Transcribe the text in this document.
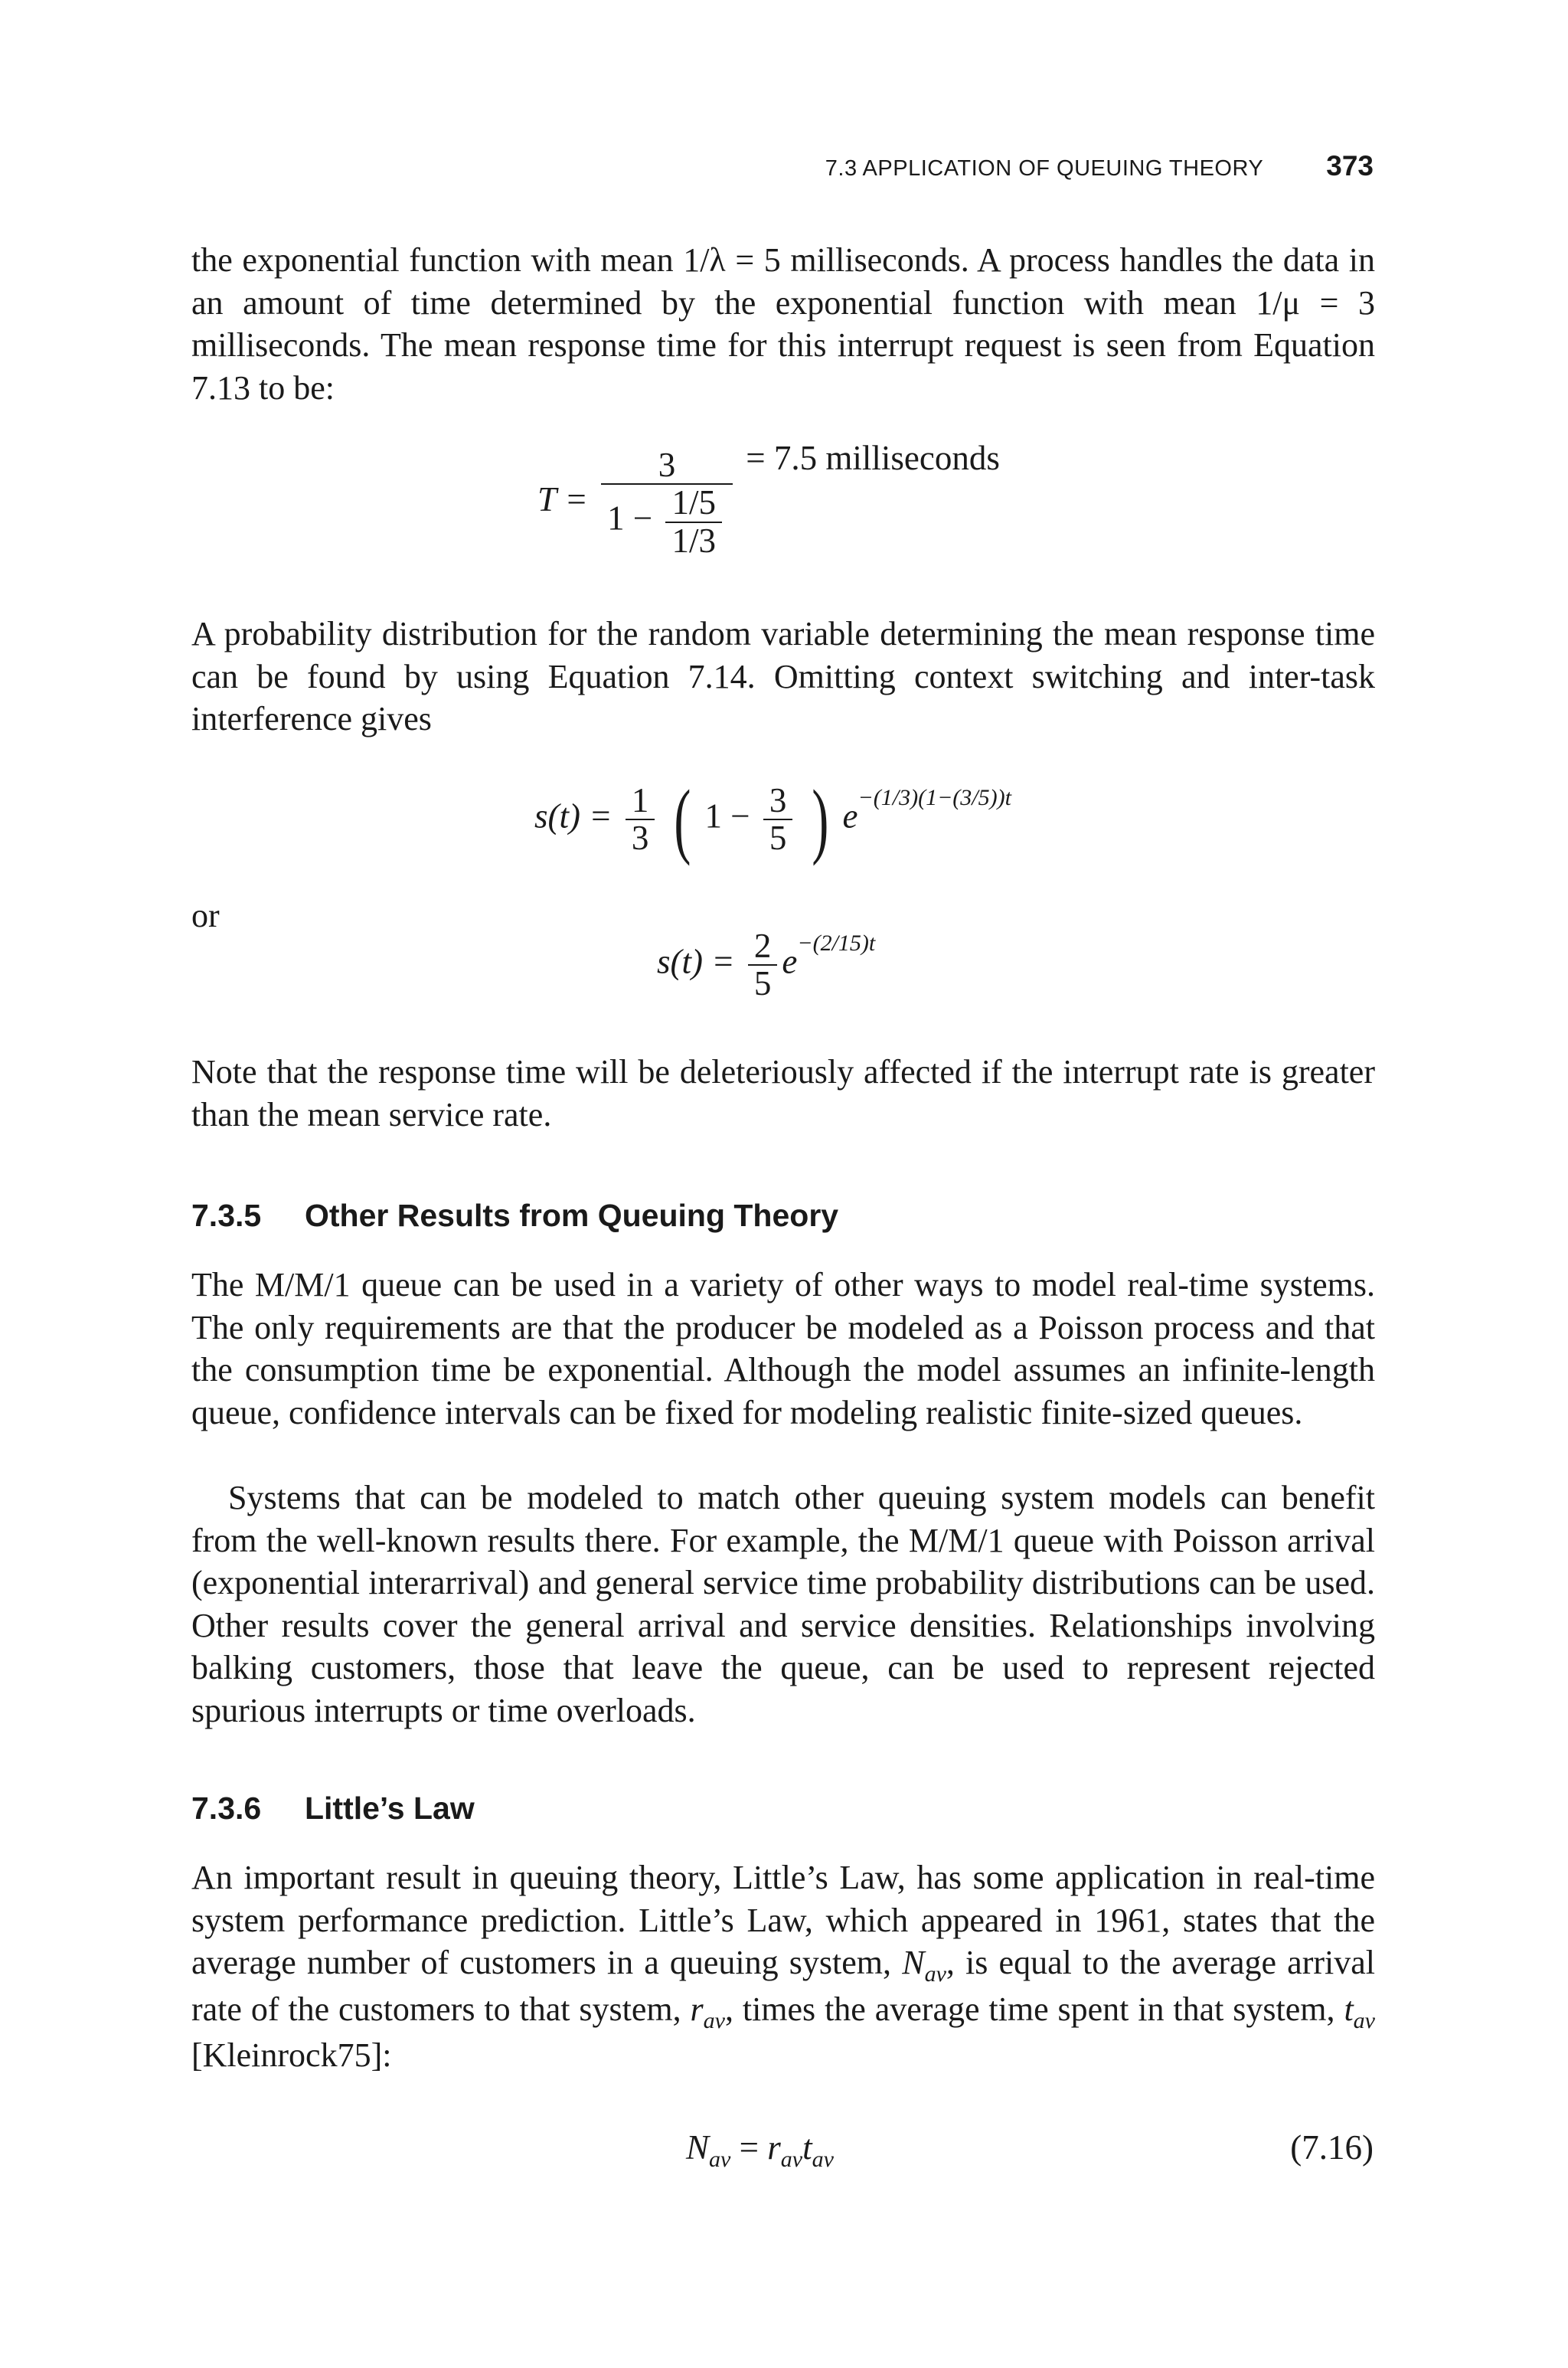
7.3 APPLICATION OF QUEUING THEORY 373

the exponential function with mean 1/λ = 5 milliseconds. A process handles the data in an amount of time determined by the exponential function with mean 1/μ = 3 milliseconds. The mean response time for this interrupt request is seen from Equation 7.13 to be:

$T = \frac{3}{1 - \frac{1/5}{1/3}} = 7.5$ milliseconds

A probability distribution for the random variable determining the mean response time can be found by using Equation 7.14. Omitting context switching and inter-task interference gives

$s(t) = \frac{1}{3}$ ( $1 - \frac{3}{5}$ ) $e^{-(1/3)(1-(3/5))t}$
or
$s(t) = \frac{2}{5} e^{-(2/15)t}$

Note that the response time will be deleteriously affected if the interrupt rate is greater than the mean service rate.

7.3.5 Other Results from Queuing Theory

The M/M/1 queue can be used in a variety of other ways to model real-time systems. The only requirements are that the producer be modeled as a Poisson process and that the consumption time be exponential. Although the model assumes an infinite-length queue, confidence intervals can be fixed for modeling realistic finite-sized queues.

Systems that can be modeled to match other queuing system models can benefit from the well-known results there. For example, the M/M/1 queue with Poisson arrival (exponential interarrival) and general service time probability distributions can be used. Other results cover the general arrival and service densities. Relationships involving balking customers, those that leave the queue, can be used to represent rejected spurious interrupts or time overloads.

7.3.6 Little’s Law

An important result in queuing theory, Little’s Law, has some application in real-time system performance prediction. Little’s Law, which appeared in 1961, states that the average number of customers in a queuing system, $N_{av}$, is equal to the average arrival rate of the customers to that system, $r_{av}$, times the average time spent in that system, $t_{av}$ [Kleinrock75]:

$N_{av} = r_{av}t_{av}$	(7.16)
